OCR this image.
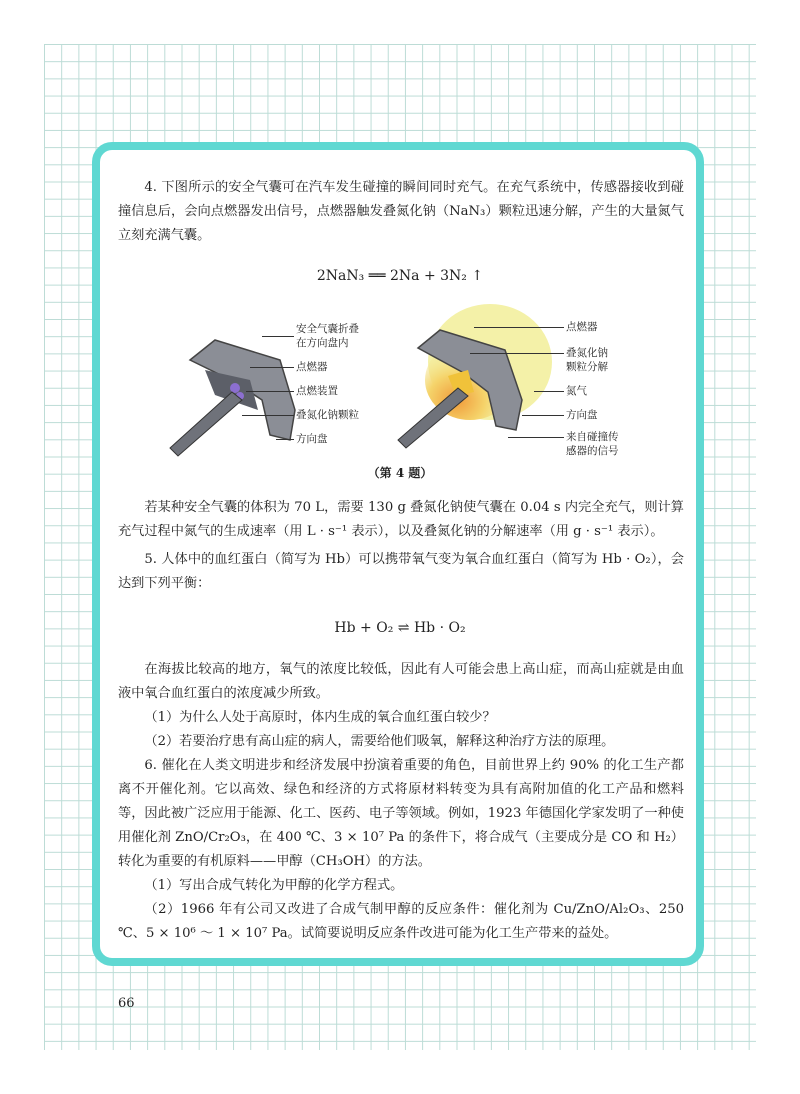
4. 下图所示的安全气囊可在汽车发生碰撞的瞬间同时充气。在充气系统中，传感器接收到碰撞信息后，会向点燃器发出信号，点燃器触发叠氮化钠（NaN₃）颗粒迅速分解，产生的大量氮气立刻充满气囊。

2NaN₃ ══ 2Na + 3N₂ ↑
安全气囊折叠
在方向盘内
点燃器
点燃装置
叠氮化钠颗粒
方向盘
点燃器
叠氮化钠
颗粒分解
氮气
方向盘
来自碰撞传
感器的信号
（第 4 题）

若某种安全气囊的体积为 70 L，需要 130 g 叠氮化钠使气囊在 0.04 s 内完全充气，则计算充气过程中氮气的生成速率（用 L · s⁻¹ 表示），以及叠氮化钠的分解速率（用 g · s⁻¹ 表示）。

5. 人体中的血红蛋白（简写为 Hb）可以携带氧气变为氧合血红蛋白（简写为 Hb · O₂），会达到下列平衡：

Hb + O₂ ⇌ Hb · O₂

在海拔比较高的地方，氧气的浓度比较低，因此有人可能会患上高山症，而高山症就是由血液中氧合血红蛋白的浓度减少所致。

（1）为什么人处于高原时，体内生成的氧合血红蛋白较少？

（2）若要治疗患有高山症的病人，需要给他们吸氧，解释这种治疗方法的原理。

6. 催化在人类文明进步和经济发展中扮演着重要的角色，目前世界上约 90% 的化工生产都离不开催化剂。它以高效、绿色和经济的方式将原材料转变为具有高附加值的化工产品和燃料等，因此被广泛应用于能源、化工、医药、电子等领域。例如，1923 年德国化学家发明了一种使用催化剂 ZnO/Cr₂O₃，在 400 ℃、3 × 10⁷ Pa 的条件下，将合成气（主要成分是 CO 和 H₂）转化为重要的有机原料——甲醇（CH₃OH）的方法。

（1）写出合成气转化为甲醇的化学方程式。

（2）1966 年有公司又改进了合成气制甲醇的反应条件：催化剂为 Cu/ZnO/Al₂O₃、250 ℃、5 × 10⁶ ～ 1 × 10⁷ Pa。试简要说明反应条件改进可能为化工生产带来的益处。

66
